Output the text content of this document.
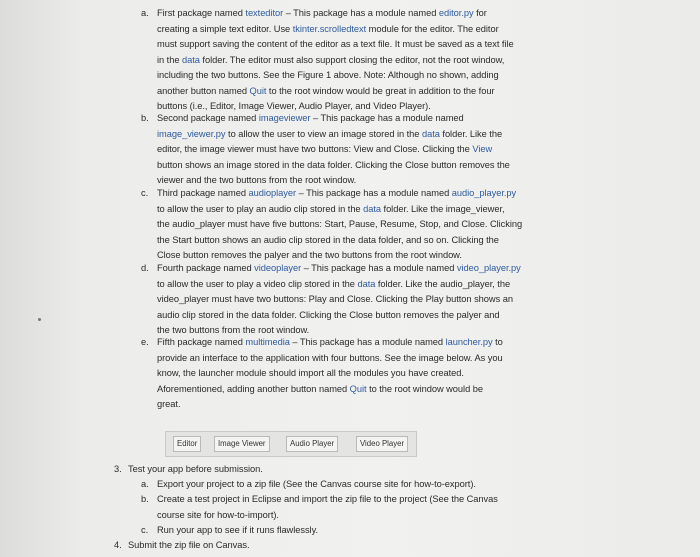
a. First package named texteditor – This package has a module named editor.py for
creating a simple text editor. Use tkinter.scrolledtext module for the editor. The editor
must support saving the content of the editor as a text file. It must be saved as a text file
in the data folder. The editor must also support closing the editor, not the root window,
including the two buttons. See the Figure 1 above. Note: Although no shown, adding
another button named Quit to the root window would be great in addition to the four
buttons (i.e., Editor, Image Viewer, Audio Player, and Video Player).
b. Second package named imageviewer – This package has a module named
image_viewer.py to allow the user to view an image stored in the data folder. Like the
editor, the image viewer must have two buttons: View and Close. Clicking the View
button shows an image stored in the data folder. Clicking the Close button removes the
viewer and the two buttons from the root window.
c. Third package named audioplayer – This package has a module named audio_player.py
to allow the user to play an audio clip stored in the data folder. Like the image_viewer,
the audio_player must have five buttons: Start, Pause, Resume, Stop, and Close. Clicking
the Start button shows an audio clip stored in the data folder, and so on. Clicking the
Close button removes the palyer and the two buttons from the root window.
d. Fourth package named videoplayer – This package has a module named video_player.py
to allow the user to play a video clip stored in the data folder. Like the audio_player, the
video_player must have two buttons: Play and Close. Clicking the Play button shows an
audio clip stored in the data folder. Clicking the Close button removes the palyer and
the two buttons from the root window.
e. Fifth package named multimedia – This package has a module named launcher.py to
provide an interface to the application with four buttons. See the image below. As you
know, the launcher module should import all the modules you have created.
Aforementioned, adding another button named Quit to the root window would be
great.
Editor	Image Viewer	Audio Player	Video Player
3. Test your app before submission.
a. Export your project to a zip file (See the Canvas course site for how-to-export).
b. Create a test project in Eclipse and import the zip file to the project (See the Canvas
course site for how-to-import).
c. Run your app to see if it runs flawlessly.
4. Submit the zip file on Canvas.
